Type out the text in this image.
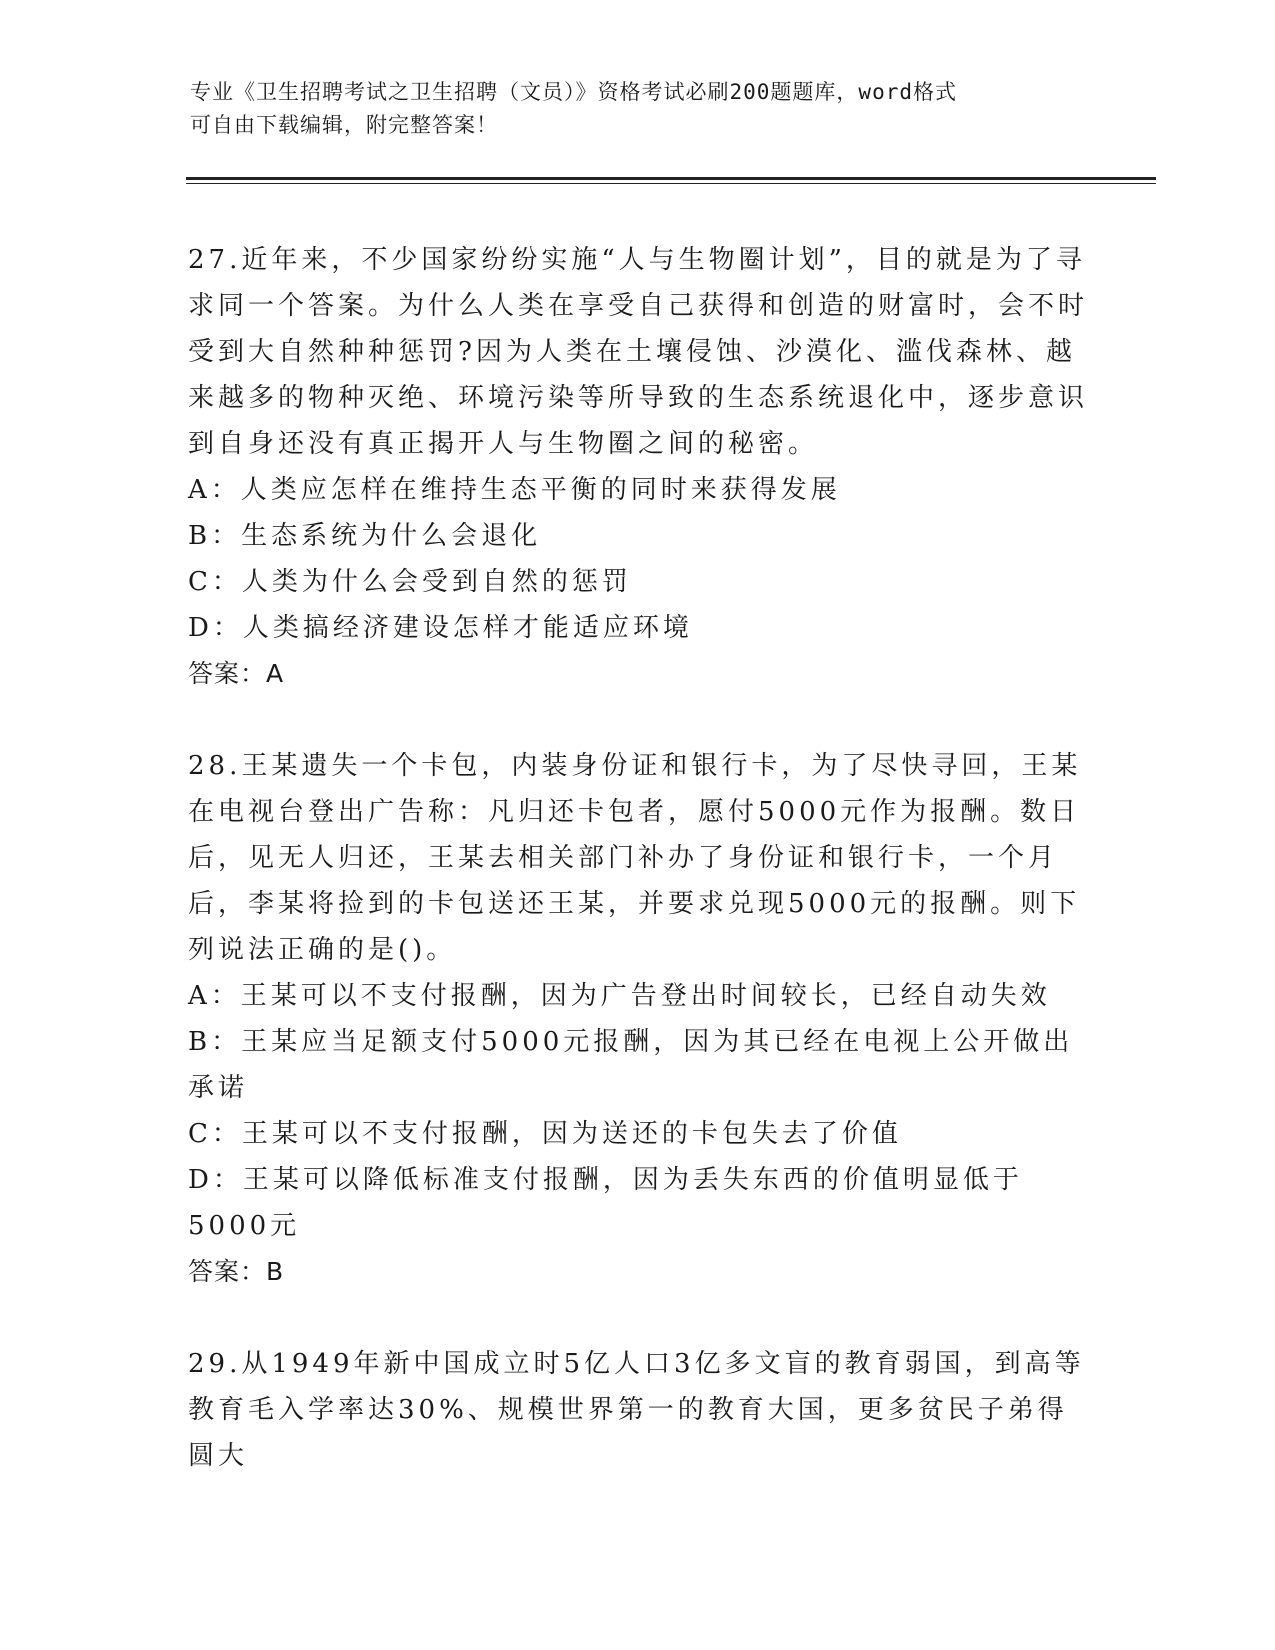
专业《卫生招聘考试之卫生招聘（文员）》资格考试必刷200题题库，word格式
可自由下载编辑，附完整答案！

27.近年来，不少国家纷纷实施“人与生物圈计划”，目的就是为了寻求同一个答案。为什么人类在享受自己获得和创造的财富时，会不时受到大自然种种惩罚?因为人类在土壤侵蚀、沙漠化、滥伐森林、越来越多的物种灭绝、环境污染等所导致的生态系统退化中，逐步意识到自身还没有真正揭开人与生物圈之间的秘密。

A：人类应怎样在维持生态平衡的同时来获得发展

B：生态系统为什么会退化

C：人类为什么会受到自然的惩罚

D：人类搞经济建设怎样才能适应环境

答案：A

28.王某遗失一个卡包，内装身份证和银行卡，为了尽快寻回，王某在电视台登出广告称：凡归还卡包者，愿付5000元作为报酬。数日后，见无人归还，王某去相关部门补办了身份证和银行卡，一个月后，李某将捡到的卡包送还王某，并要求兑现5000元的报酬。则下列说法正确的是()。

A：王某可以不支付报酬，因为广告登出时间较长，已经自动失效

B：王某应当足额支付5000元报酬，因为其已经在电视上公开做出承诺

C：王某可以不支付报酬，因为送还的卡包失去了价值

D：王某可以降低标准支付报酬，因为丢失东西的价值明显低于5000元

答案：B

29.从1949年新中国成立时5亿人口3亿多文盲的教育弱国，到高等教育毛入学率达30%、规模世界第一的教育大国，更多贫民子弟得圆大
